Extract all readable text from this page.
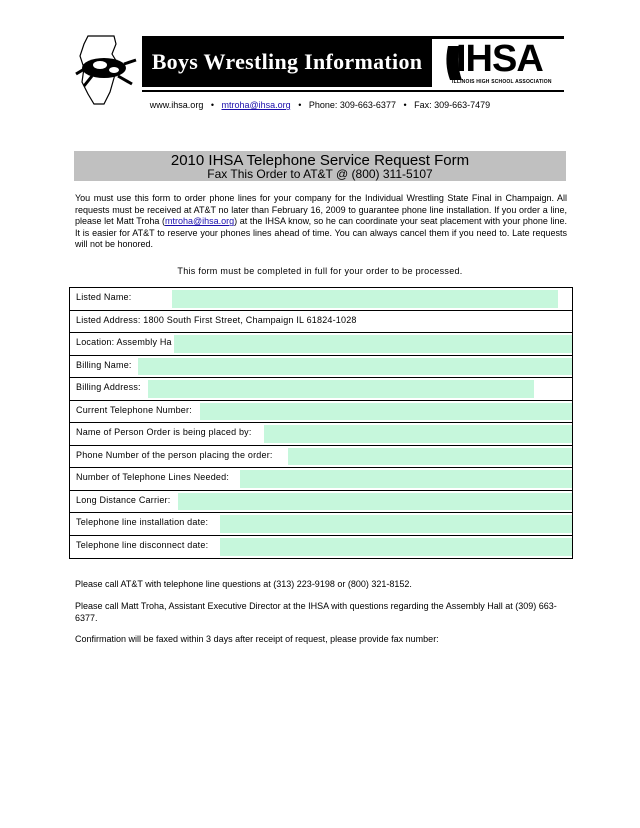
Boys Wrestling Information IHSA
ILLINOIS HIGH SCHOOL ASSOCIATION
www.ihsa.org • mtroha@ihsa.org • Phone: 309-663-6377 • Fax: 309-663-7479
2010 IHSA Telephone Service Request Form
Fax This Order to AT&T @ (800) 311-5107
You must use this form to order phone lines for your company for the Individual Wrestling State Final in Champaign. All requests must be received at AT&T no later than February 16, 2009 to guarantee phone line installation. If you order a line, please let Matt Troha (mtroha@ihsa.org) at the IHSA know, so he can coordinate your seat placement with your phone line. It is easier for AT&T to reserve your phones lines ahead of time. You can always cancel them if you need to. Late requests will not be honored.
This form must be completed in full for your order to be processed.
Listed Name:
Listed Address: 1800 South First Street, Champaign IL 61824-1028
Location: Assembly Ha
Billing Name:
Billing Address:
Current Telephone Number:
Name of Person Order is being placed by:
Phone Number of the person placing the order:
Number of Telephone Lines Needed:
Long Distance Carrier:
Telephone line installation date:
Telephone line disconnect date:
Please call AT&T with telephone line questions at (313) 223-9198 or (800) 321-8152.
Please call Matt Troha, Assistant Executive Director at the IHSA with questions regarding the Assembly Hall at (309) 663-6377.
Confirmation will be faxed within 3 days after receipt of request, please provide fax number:
